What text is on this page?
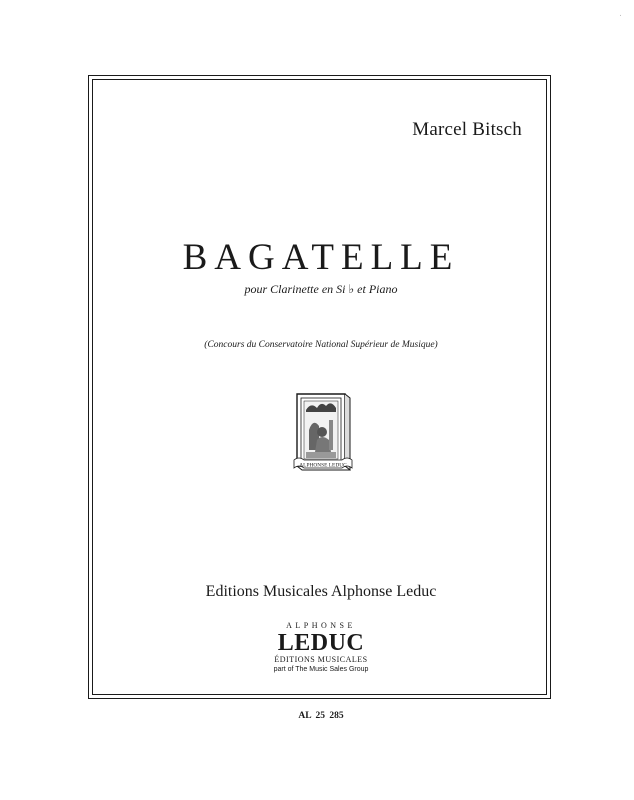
˙
Marcel Bitsch
BAGATELLE
pour Clarinette en Si ♭ et Piano
(Concours du Conservatoire National Supérieur de Musique)
ALPHONSE LEDUC
Editions Musicales Alphonse Leduc
ALPHONSE
LEDUC
ÉDITIONS MUSICALES
part of The Music Sales Group
AL 25 285
